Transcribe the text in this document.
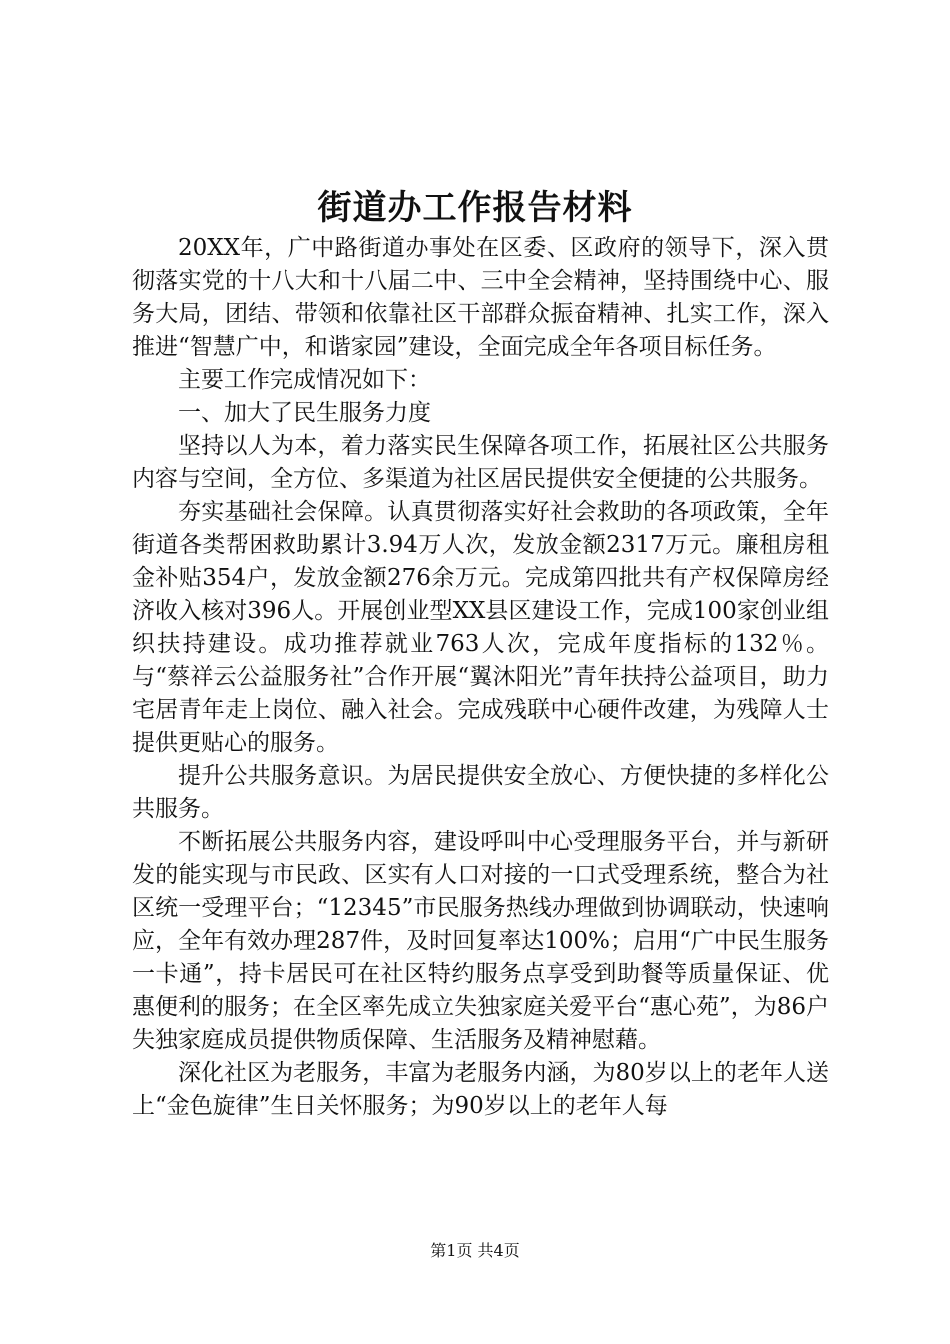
街道办工作报告材料

20XX年，广中路街道办事处在区委、区政府的领导下，深入贯彻落实党的十八大和十八届二中、三中全会精神，坚持围绕中心、服务大局，团结、带领和依靠社区干部群众振奋精神、扎实工作，深入推进“智慧广中，和谐家园”建设，全面完成全年各项目标任务。

主要工作完成情况如下：

一、加大了民生服务力度

坚持以人为本，着力落实民生保障各项工作，拓展社区公共服务内容与空间，全方位、多渠道为社区居民提供安全便捷的公共服务。

夯实基础社会保障。认真贯彻落实好社会救助的各项政策，全年街道各类帮困救助累计3.94万人次，发放金额2317万元。廉租房租金补贴354户，发放金额276余万元。完成第四批共有产权保障房经济收入核对396人。开展创业型XX县区建设工作，完成100家创业组织扶持建设。成功推荐就业763人次，完成年度指标的132％。与“蔡祥云公益服务社”合作开展“翼沐阳光”青年扶持公益项目，助力宅居青年走上岗位、融入社会。完成残联中心硬件改建，为残障人士提供更贴心的服务。

提升公共服务意识。为居民提供安全放心、方便快捷的多样化公共服务。

不断拓展公共服务内容，建设呼叫中心受理服务平台，并与新研发的能实现与市民政、区实有人口对接的一口式受理系统，整合为社区统一受理平台；“12345”市民服务热线办理做到协调联动，快速响应，全年有效办理287件，及时回复率达100%；启用“广中民生服务一卡通”，持卡居民可在社区特约服务点享受到助餐等质量保证、优惠便利的服务；在全区率先成立失独家庭关爱平台“惠心苑”，为86户失独家庭成员提供物质保障、生活服务及精神慰藉。

深化社区为老服务，丰富为老服务内涵，为80岁以上的老年人送上“金色旋律”生日关怀服务；为90岁以上的老年人每

第1页 共4页
